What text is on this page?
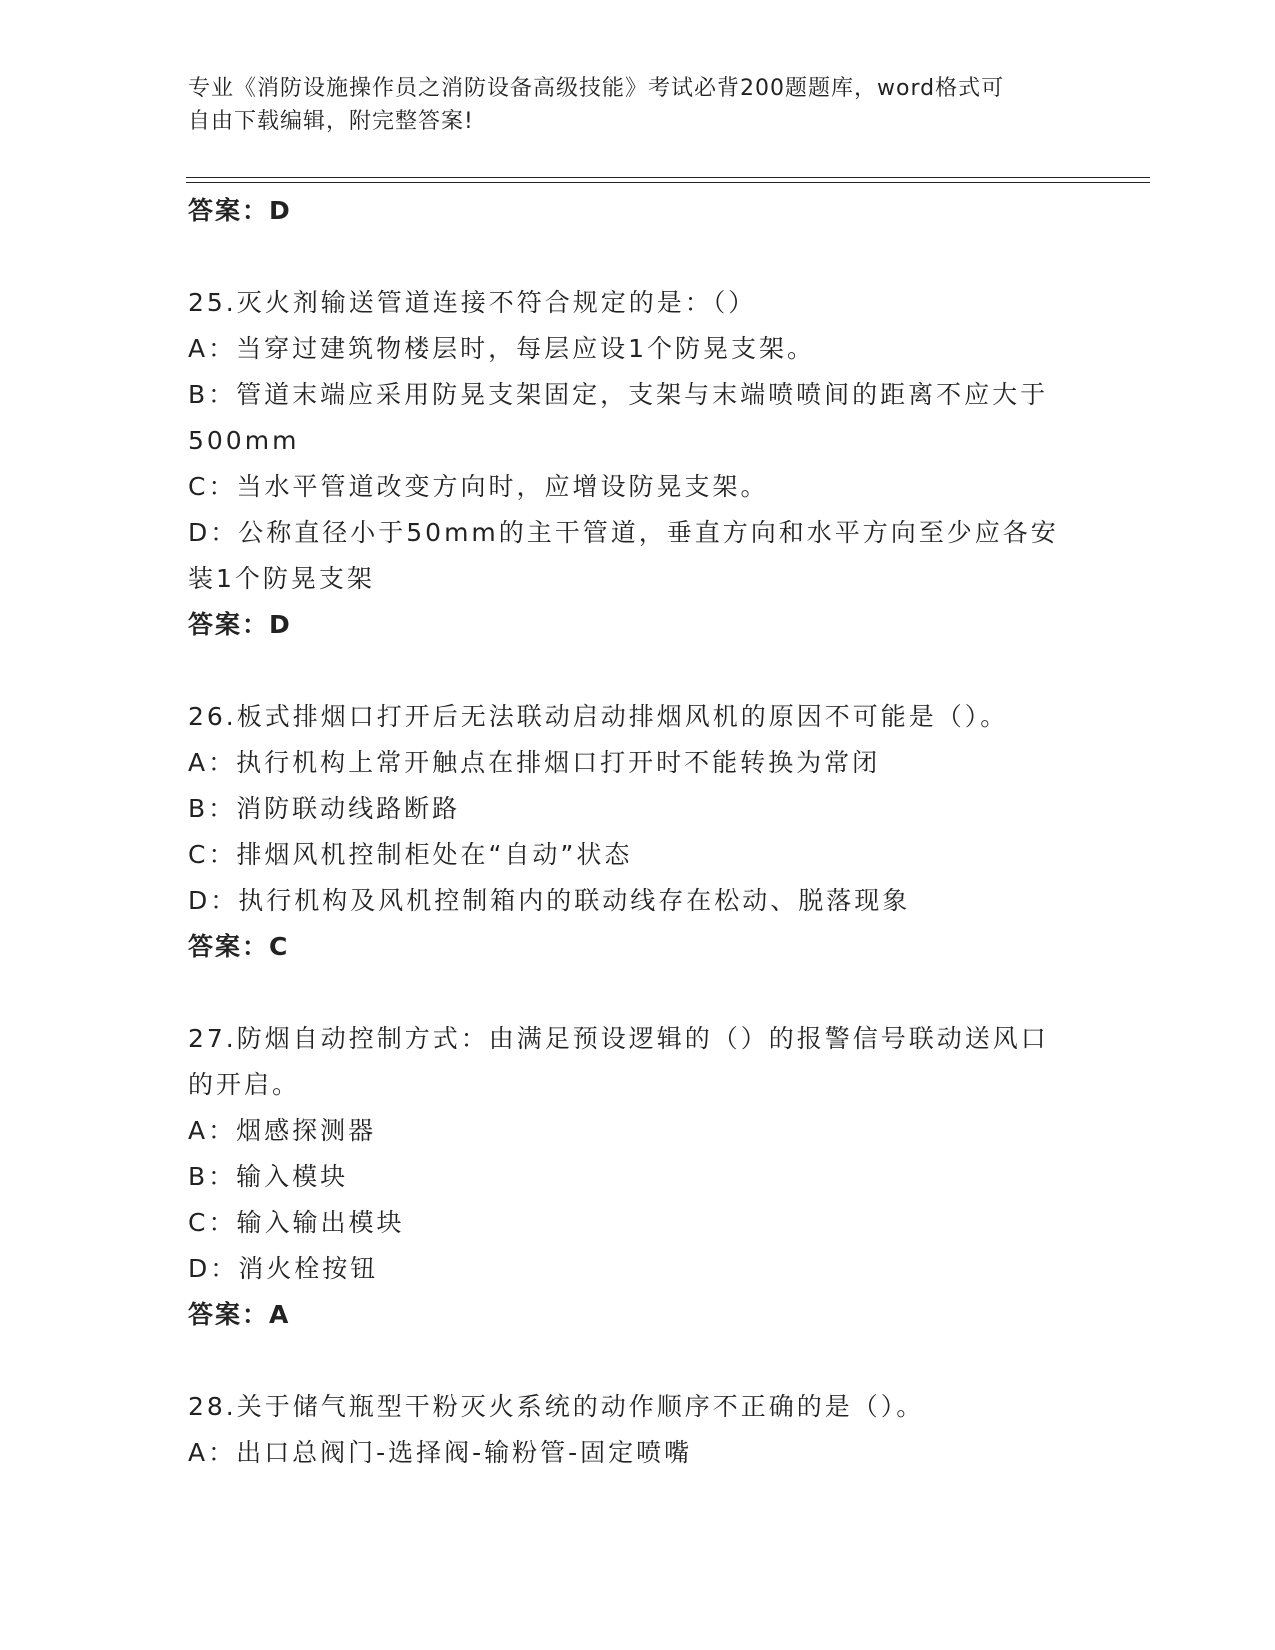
专业《消防设施操作员之消防设备高级技能》考试必背200题题库，word格式可
自由下载编辑，附完整答案!
答案：D
25.灭火剂输送管道连接不符合规定的是：（）
A：当穿过建筑物楼层时，每层应设1个防晃支架。
B：管道末端应采用防晃支架固定，支架与末端喷喷间的距离不应大于
500mm
C：当水平管道改变方向时，应增设防晃支架。
D：公称直径小于50mm的主干管道，垂直方向和水平方向至少应各安
装1个防晃支架
答案：D
26.板式排烟口打开后无法联动启动排烟风机的原因不可能是（）。
A：执行机构上常开触点在排烟口打开时不能转换为常闭
B：消防联动线路断路
C：排烟风机控制柜处在“自动”状态
D：执行机构及风机控制箱内的联动线存在松动、脱落现象
答案：C
27.防烟自动控制方式：由满足预设逻辑的（）的报警信号联动送风口
的开启。
A：烟感探测器
B：输入模块
C：输入输出模块
D：消火栓按钮
答案：A
28.关于储气瓶型干粉灭火系统的动作顺序不正确的是（）。
A：出口总阀门-选择阀-输粉管-固定喷嘴
